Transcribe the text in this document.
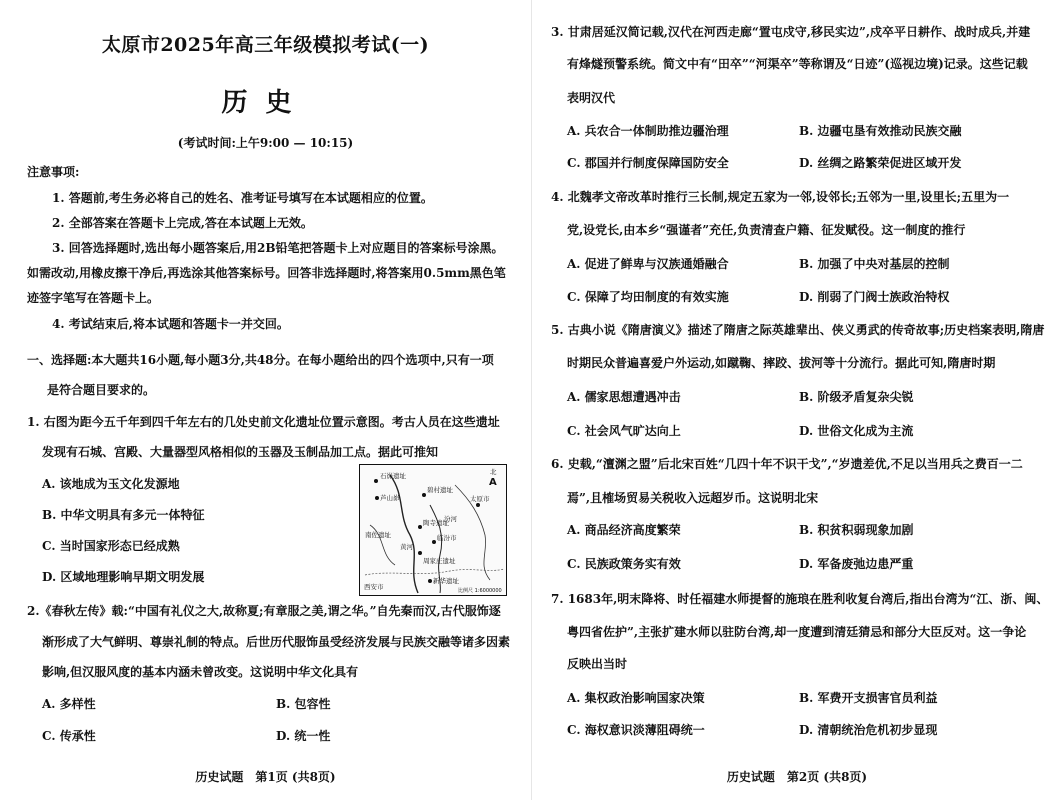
太原市2025年高三年级模拟考试(一)
历史
(考试时间:上午9:00 — 10:15)
注意事项:
1. 答题前,考生务必将自己的姓名、准考证号填写在本试题相应的位置。
2. 全部答案在答题卡上完成,答在本试题上无效。
3. 回答选择题时,选出每小题答案后,用2B铅笔把答题卡上对应题目的答案标号涂黑。
如需改动,用橡皮擦干净后,再选涂其他答案标号。回答非选择题时,将答案用0.5mm黑色笔
迹签字笔写在答题卡上。
4. 考试结束后,将本试题和答题卡一并交回。
一、选择题:本大题共16小题,每小题3分,共48分。在每小题给出的四个选项中,只有一项
是符合题目要求的。
1. 右图为距今五千年到四千年左右的几处史前文化遗址位置示意图。考古人员在这些遗址
发现有石城、宫殿、大量器型风格相似的玉器及玉制品加工点。据此可推知
A. 该地成为玉文化发源地
B. 中华文明具有多元一体特征
C. 当时国家形态已经成熟
D. 区域地理影响早期文明发展
北
A
石峁遗址
芦山峁
碧村遗址
太原市
西安市
陶寺遗址
南佐遗址	临汾市
周家庄遗址
新华遗址
黄河
汾河
比例尺 1:6000000
2.《春秋左传》载:“中国有礼仪之大,故称夏;有章服之美,谓之华。”自先秦而汉,古代服饰逐
渐形成了大气鲜明、尊崇礼制的特点。后世历代服饰虽受经济发展与民族交融等诸多因素
影响,但汉服风度的基本内涵未曾改变。这说明中华文化具有
A. 多样性	B. 包容性
C. 传承性	D. 统一性
历史试题　第1页 (共8页)
3. 甘肃居延汉简记载,汉代在河西走廊“置屯戍守,移民实边”,戍卒平日耕作、战时成兵,并建
有烽燧预警系统。简文中有“田卒”“河渠卒”等称谓及“日迹”(巡视边境)记录。这些记载
表明汉代
A. 兵农合一体制助推边疆治理	B. 边疆屯垦有效推动民族交融
C. 郡国并行制度保障国防安全	D. 丝绸之路繁荣促进区域开发
4. 北魏孝文帝改革时推行三长制,规定五家为一邻,设邻长;五邻为一里,设里长;五里为一
党,设党长,由本乡“强谨者”充任,负责清查户籍、征发赋役。这一制度的推行
A. 促进了鲜卑与汉族通婚融合	B. 加强了中央对基层的控制
C. 保障了均田制度的有效实施	D. 削弱了门阀士族政治特权
5. 古典小说《隋唐演义》描述了隋唐之际英雄辈出、侠义勇武的传奇故事;历史档案表明,隋唐
时期民众普遍喜爱户外运动,如蹴鞠、摔跤、拔河等十分流行。据此可知,隋唐时期
A. 儒家思想遭遇冲击	B. 阶级矛盾复杂尖锐
C. 社会风气旷达向上	D. 世俗文化成为主流
6. 史载,“澶渊之盟”后北宋百姓“几四十年不识干戈”,“岁遗差优,不足以当用兵之费百一二
焉”,且榷场贸易关税收入远超岁币。这说明北宋
A. 商品经济高度繁荣	B. 积贫积弱现象加剧
C. 民族政策务实有效	D. 军备废弛边患严重
7. 1683年,明末降将、时任福建水师提督的施琅在胜利收复台湾后,指出台湾为“江、浙、闽、
粤四省佐护”,主张扩建水师以驻防台湾,却一度遭到清廷猜忌和部分大臣反对。这一争论
反映出当时
A. 集权政治影响国家决策	B. 军费开支损害官员利益
C. 海权意识淡薄阻碍统一	D. 清朝统治危机初步显现
历史试题　第2页 (共8页)
